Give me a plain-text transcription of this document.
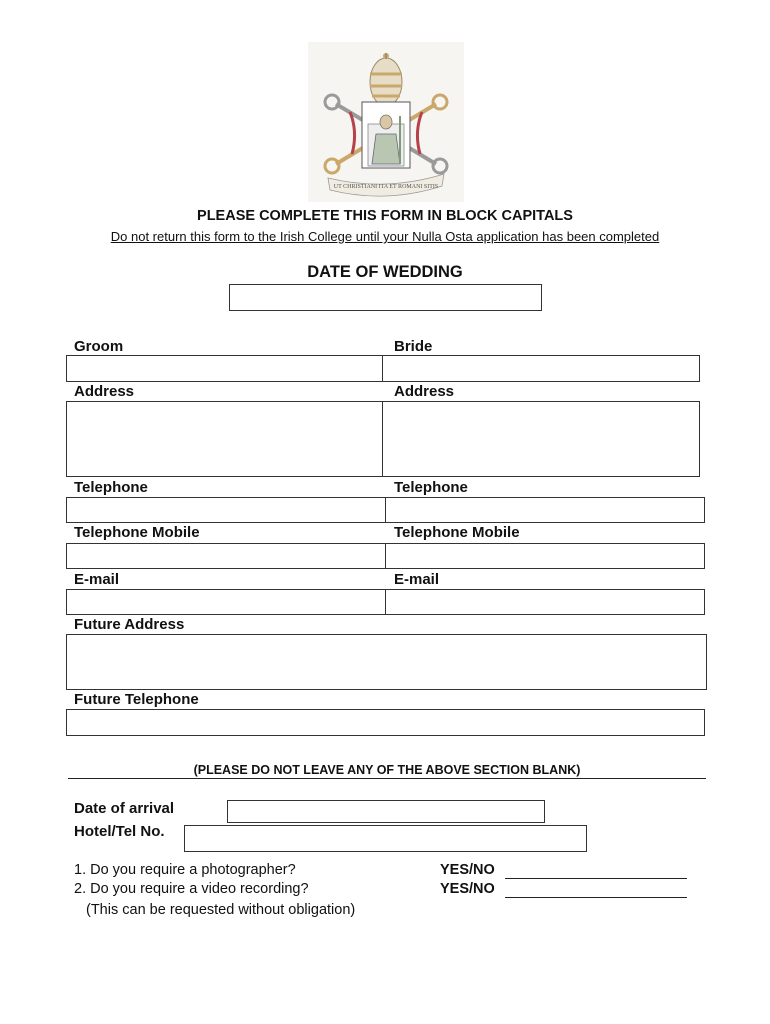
UT CHRISTIANI ITA ET ROMANI SITIS
PLEASE COMPLETE THIS FORM IN BLOCK CAPITALS
Do not return this form to the Irish College until your Nulla Osta application has been completed
DATE OF WEDDING
Groom	Bride
Address	Address
Telephone	Telephone
Telephone Mobile	Telephone Mobile
E-mail	E-mail
Future Address
Future Telephone
(PLEASE DO NOT LEAVE ANY OF THE ABOVE SECTION BLANK)
Date of arrival
Hotel/Tel No.
1. Do you require a photographer?	YES/NO
2. Do you require a video recording?	YES/NO
(This can be requested without obligation)
